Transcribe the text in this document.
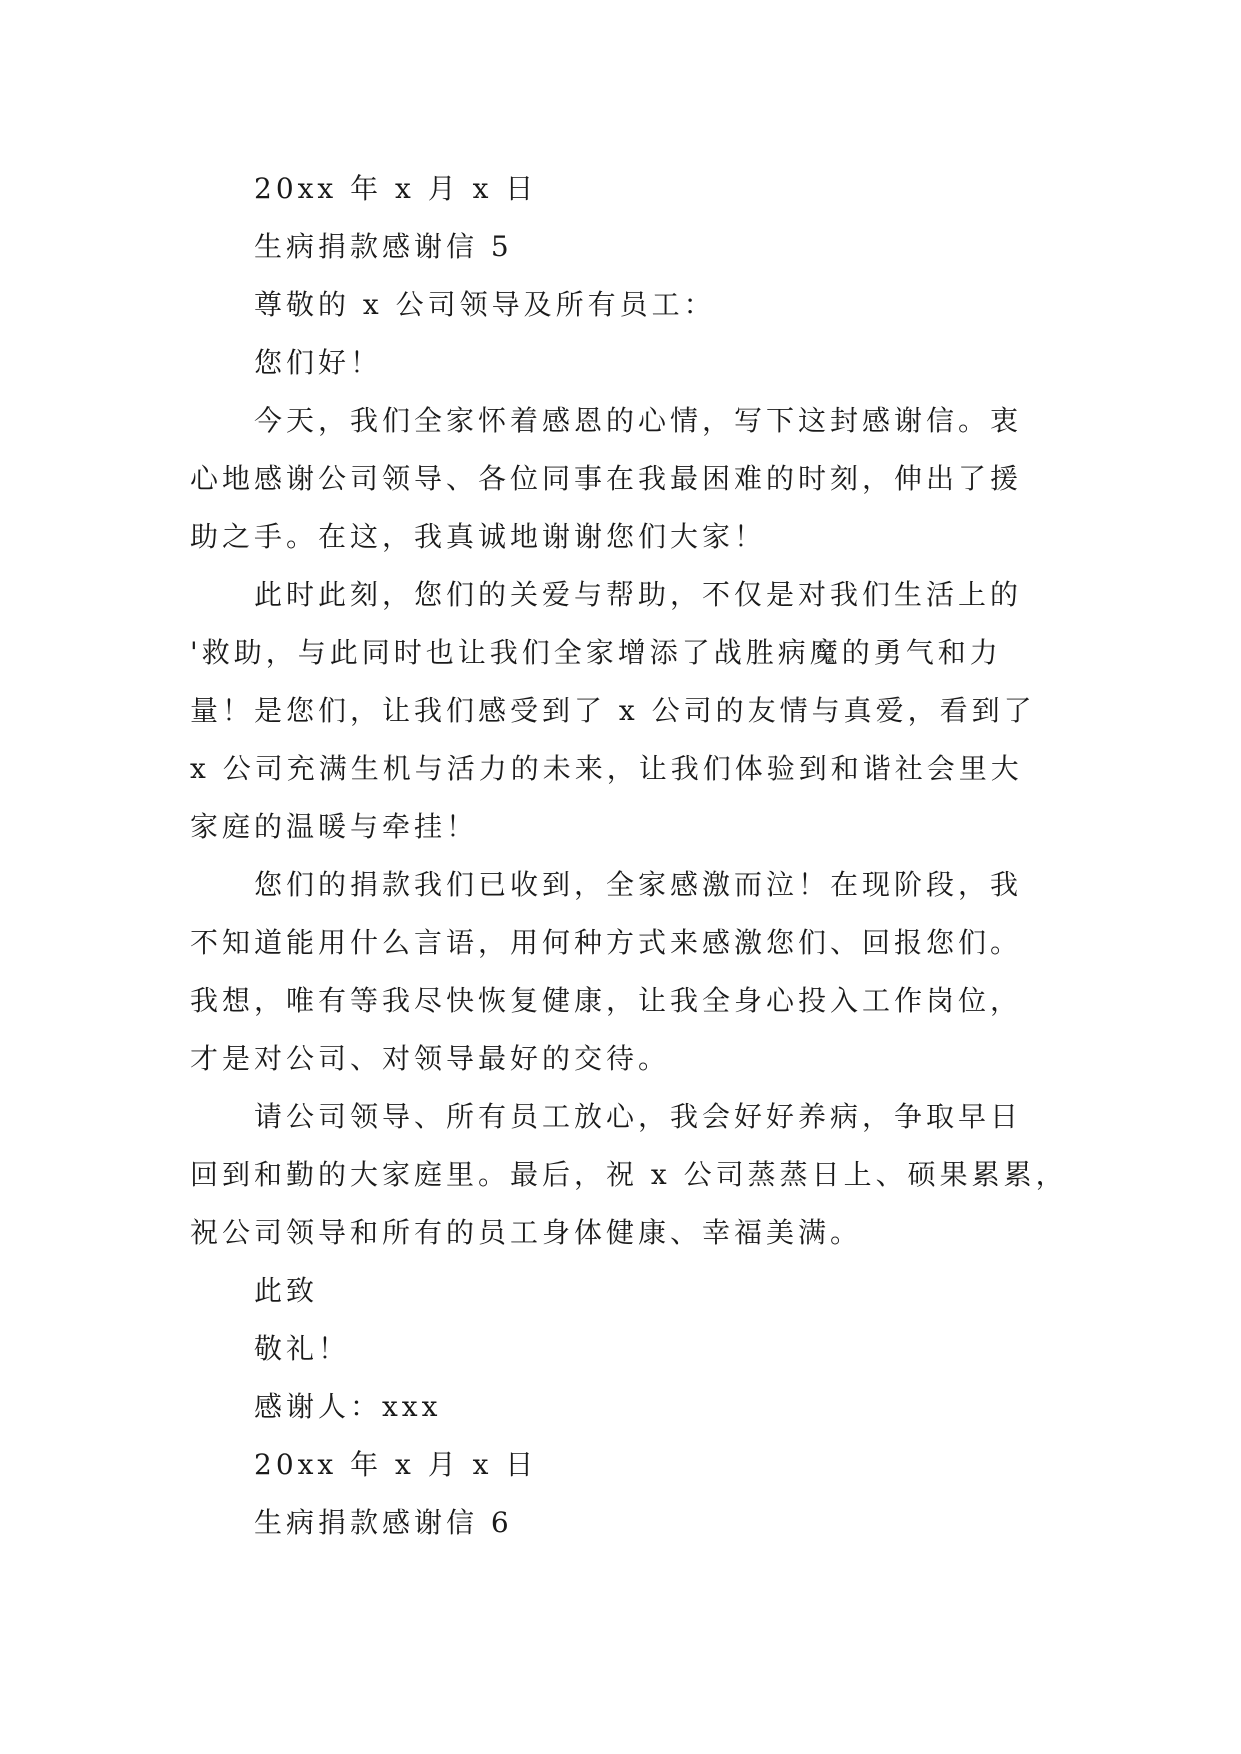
20xx 年 x 月 x 日
生病捐款感谢信 5
尊敬的 x 公司领导及所有员工：
您们好！
今天，我们全家怀着感恩的心情，写下这封感谢信。衷
心地感谢公司领导、各位同事在我最困难的时刻，伸出了援
助之手。在这，我真诚地谢谢您们大家！
此时此刻，您们的关爱与帮助，不仅是对我们生活上的
'救助，与此同时也让我们全家增添了战胜病魔的勇气和力
量！是您们，让我们感受到了 x 公司的友情与真爱，看到了
x 公司充满生机与活力的未来，让我们体验到和谐社会里大
家庭的温暖与牵挂！
您们的捐款我们已收到，全家感激而泣！在现阶段，我
不知道能用什么言语，用何种方式来感激您们、回报您们。
我想，唯有等我尽快恢复健康，让我全身心投入工作岗位，
才是对公司、对领导最好的交待。
请公司领导、所有员工放心，我会好好养病，争取早日
回到和勤的大家庭里。最后，祝 x 公司蒸蒸日上、硕果累累，
祝公司领导和所有的员工身体健康、幸福美满。
此致
敬礼！
感谢人：xxx
20xx 年 x 月 x 日
生病捐款感谢信 6
